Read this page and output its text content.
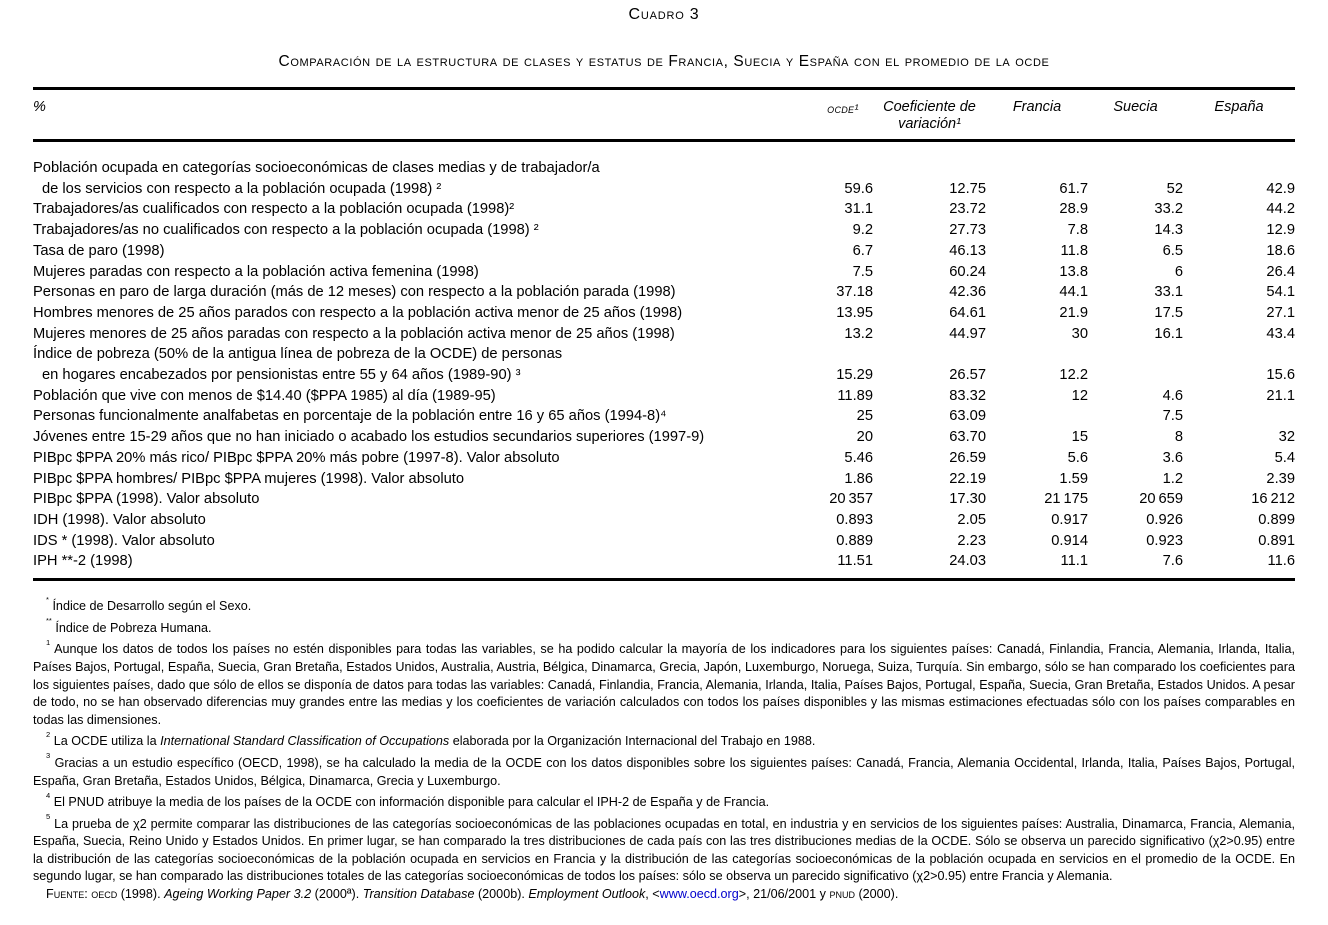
Cuadro 3
Comparación de la estructura de clases y estatus de Francia, Suecia y España con el promedio de la ocde
%	ocde¹	Coeficiente de variación¹	Francia	Suecia	España
Población ocupada en categorías socioeconómicas de clases medias y de trabajador/a					
de los servicios con respecto a la población ocupada (1998) ²	59.6	12.75	61.7	52	42.9
Trabajadores/as cualificados con respecto a la población ocupada (1998)²	31.1	23.72	28.9	33.2	44.2
Trabajadores/as no cualificados con respecto a la población ocupada (1998) ²	9.2	27.73	7.8	14.3	12.9
Tasa de paro (1998)	6.7	46.13	11.8	6.5	18.6
Mujeres paradas con respecto a la población activa femenina (1998)	7.5	60.24	13.8	6	26.4
Personas en paro de larga duración (más de 12 meses) con respecto a la población parada (1998)	37.18	42.36	44.1	33.1	54.1
Hombres menores de 25 años parados con respecto a la población activa menor de 25 años (1998)	13.95	64.61	21.9	17.5	27.1
Mujeres menores de 25 años paradas con respecto a la población activa menor de 25 años (1998)	13.2	44.97	30	16.1	43.4
Índice de pobreza (50% de la antigua línea de pobreza de la OCDE) de personas					
en hogares encabezados por pensionistas entre 55 y 64 años (1989-90) ³	15.29	26.57	12.2		15.6
Población que vive con menos de $14.40 ($PPA 1985) al día (1989-95)	11.89	83.32	12	4.6	21.1
Personas funcionalmente analfabetas en porcentaje de la población entre 16 y 65 años (1994-8)⁴	25	63.09		7.5	
Jóvenes entre 15-29 años que no han iniciado o acabado los estudios secundarios superiores (1997-9)	20	63.70	15	8	32
PIBpc $PPA 20% más rico/ PIBpc $PPA 20% más pobre (1997-8). Valor absoluto	5.46	26.59	5.6	3.6	5.4
PIBpc $PPA hombres/ PIBpc $PPA mujeres (1998). Valor absoluto	1.86	22.19	1.59	1.2	2.39
PIBpc $PPA (1998). Valor absoluto	20 357	17.30	21 175	20 659	16 212
IDH (1998). Valor absoluto	0.893	2.05	0.917	0.926	0.899
IDS * (1998). Valor absoluto	0.889	2.23	0.914	0.923	0.891
IPH **-2 (1998)	11.51	24.03	11.1	7.6	11.6

* Índice de Desarrollo según el Sexo.

** Índice de Pobreza Humana.

$^1$ Aunque los datos de todos los países no estén disponibles para todas las variables, se ha podido calcular la mayoría de los indicadores para los siguientes países: Canadá, Finlandia, Francia, Alemania, Irlanda, Italia, Países Bajos, Portugal, España, Suecia, Gran Bretaña, Estados Unidos, Australia, Austria, Bélgica, Dinamarca, Grecia, Japón, Luxemburgo, Noruega, Suiza, Turquía. Sin embargo, sólo se han comparado los coeficientes para los siguientes países, dado que sólo de ellos se disponía de datos para todas las variables: Canadá, Finlandia, Francia, Alemania, Irlanda, Italia, Países Bajos, Portugal, España, Suecia, Gran Bretaña, Estados Unidos. A pesar de todo, no se han observado diferencias muy grandes entre las medias y los coeficientes de variación calculados con todos los países disponibles y las mismas estimaciones efectuadas sólo con los países comparables en todas las dimensiones.

$^2$ La OCDE utiliza la International Standard Classification of Occupations elaborada por la Organización Internacional del Trabajo en 1988.

$^3$ Gracias a un estudio específico (OECD, 1998), se ha calculado la media de la OCDE con los datos disponibles sobre los siguientes países: Canadá, Francia, Alemania Occidental, Irlanda, Italia, Países Bajos, Portugal, España, Gran Bretaña, Estados Unidos, Bélgica, Dinamarca, Grecia y Luxemburgo.

$^4$ El PNUD atribuye la media de los países de la OCDE con información disponible para calcular el IPH-2 de España y de Francia.

$^5$ La prueba de χ2 permite comparar las distribuciones de las categorías socioeconómicas de las poblaciones ocupadas en total, en industria y en servicios de los siguientes países: Australia, Dinamarca, Francia, Alemania, España, Suecia, Reino Unido y Estados Unidos. En primer lugar, se han comparado la tres distribuciones de cada país con las tres distribuciones medias de la OCDE. Sólo se observa un parecido significativo (χ2>0.95) entre la distribución de las categorías socioeconómicas de la población ocupada en servicios en Francia y la distribución de las categorías socioeconómicas de la población ocupada en servicios en el promedio de la OCDE. En segundo lugar, se han comparado las distribuciones totales de las categorías socioeconómicas de todos los países: sólo se observa un parecido significativo (χ2>0.95) entre Francia y Alemania.

Fuente: oecd (1998). Ageing Working Paper 3.2 (2000ª). Transition Database (2000b). Employment Outlook, <www.oecd.org>, 21/06/2001 y pnud (2000).
